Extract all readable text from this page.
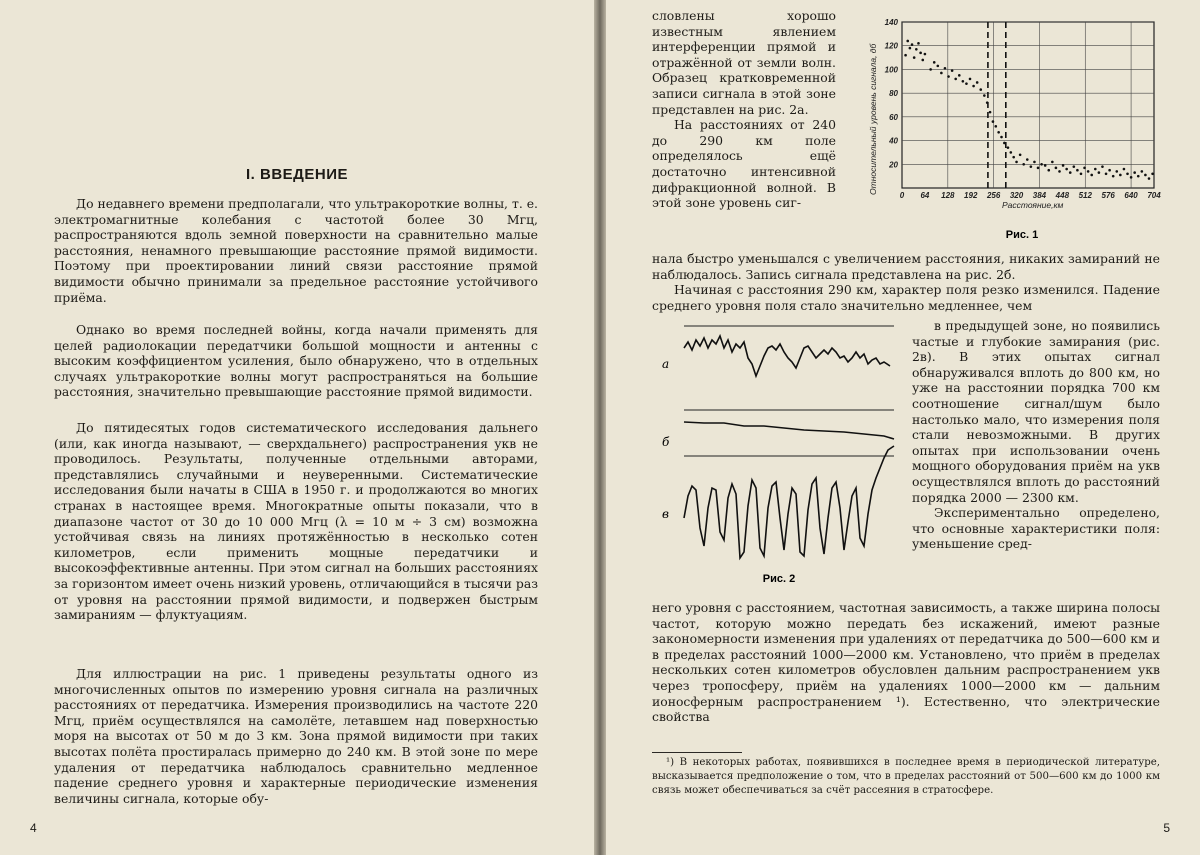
I. ВВЕДЕНИЕ

До недавнего времени предполагали, что ультракороткие волны, т. е. электромагнитные колебания с частотой более 30 Мгц, распространяются вдоль земной поверхности на сравнительно малые расстояния, ненамного превышающие расстояние прямой видимости. Поэтому при проектировании линий связи расстояние прямой видимости обычно принимали за предельное расстояние устойчивого приёма.

Однако во время последней войны, когда начали применять для целей радиолокации передатчики большой мощности и антенны с высоким коэффициентом усиления, было обнаружено, что в отдельных случаях ультракороткие волны могут распространяться на большие расстояния, значительно превышающие расстояние прямой видимости.

До пятидесятых годов систематического исследования дальнего (или, как иногда называют, — сверхдальнего) распространения укв не проводилось. Результаты, полученные отдельными авторами, представлялись случайными и неуверенными. Систематические исследования были начаты в США в 1950 г. и продолжаются во многих странах в настоящее время. Многократные опыты показали, что в диапазоне частот от 30 до 10 000 Мгц (λ = 10 м ÷ 3 см) возможна устойчивая связь на линиях протяжённостью в несколько сотен километров, если применить мощные передатчики и высокоэффективные антенны. При этом сигнал на больших расстояниях за горизонтом имеет очень низкий уровень, отличающийся в тысячи раз от уровня на расстоянии прямой видимости, и подвержен быстрым замираниям — флуктуациям.

Для иллюстрации на рис. 1 приведены результаты одного из многочисленных опытов по измерению уровня сигнала на различных расстояниях от передатчика. Измерения производились на частоте 220 Мгц, приём осуществлялся на самолёте, летавшем над поверхностью моря на высотах от 50 м до 3 км. Зона прямой видимости при таких высотах полёта простиралась примерно до 240 км. В этой зоне по мере удаления от передатчика наблюдалось сравнительно медленное падение среднего уровня и характерные периодические изменения величины сигнала, которые обу-

4

словлены хорошо известным явлением интерференции прямой и отражённой от земли волн. Образец кратковременной записи сигнала в этой зоне представлен на рис. 2а.

На расстояниях от 240 до 290 км поле определялось ещё достаточно интенсивной дифракционной волной. В этой зоне уровень сиг-	0 64 128 192 256 320 384 448 512 576 640 704
20
40
60
80
100
120
140
Расстояние,км
Относительный уровень сигнала, дб
Рис. 1

нала быстро уменьшался с увеличением расстояния, никаких замираний не наблюдалось. Запись сигнала представлена на рис. 2б.

Начиная с расстояния 290 км, характер поля резко изменился. Падение среднего уровня поля стало значительно медленнее, чем

а
б
в
Рис. 2

в предыдущей зоне, но появились частые и глубокие замирания (рис. 2в). В этих опытах сигнал обнаруживался вплоть до 800 км, но уже на расстоянии порядка 700 км соотношение сигнал/шум было настолько мало, что измерения поля стали невозможными. В других опытах при использовании очень мощного оборудования приём на укв осуществлялся вплоть до расстояний порядка 2000 — 2300 км.

Экспериментально определено, что основные характеристики поля: уменьшение сред-

него уровня с расстоянием, частотная зависимость, а также ширина полосы частот, которую можно передать без искажений, имеют разные закономерности изменения при удалениях от передатчика до 500—600 км и в пределах расстояний 1000—2000 км. Установлено, что приём в пределах нескольких сотен километров обусловлен дальним распространением укв через тропосферу, приём на удалениях 1000—2000 км — дальним ионосферным распространением ¹). Естественно, что электрические свойства

¹) В некоторых работах, появившихся в последнее время в периодической литературе, высказывается предположение о том, что в пределах расстояний от 500—600 км до 1000 км связь может обеспечиваться за счёт рассеяния в стратосфере.

5
